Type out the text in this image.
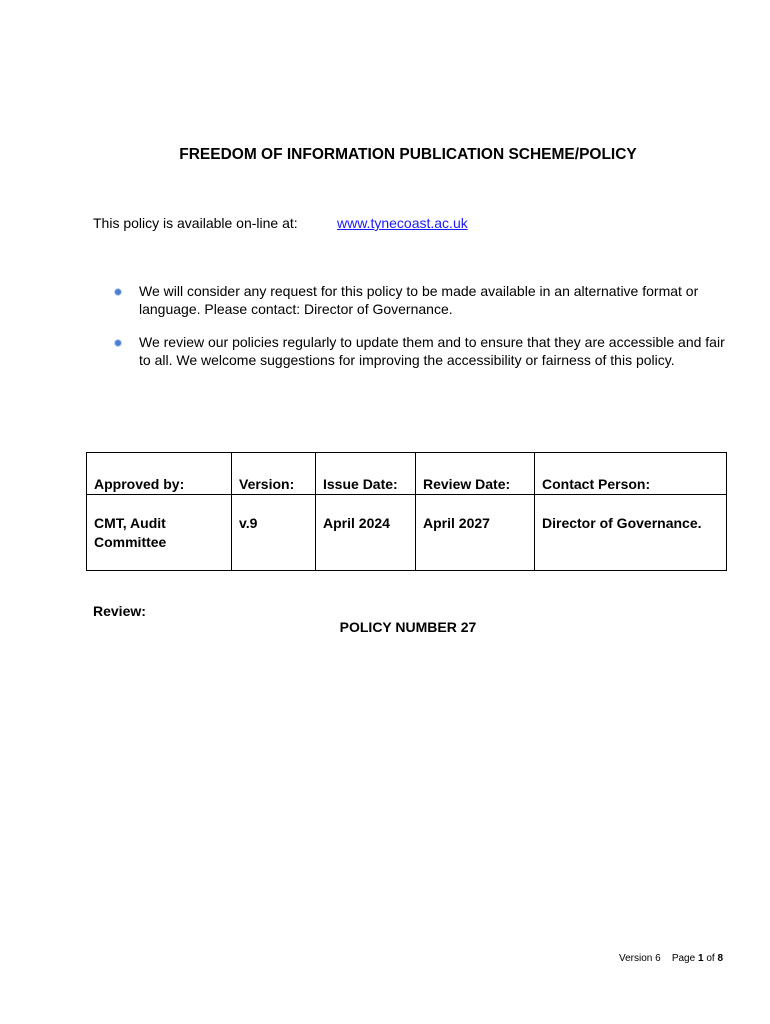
FREEDOM OF INFORMATION PUBLICATION SCHEME/POLICY
This policy is available on-line at:	www.tynecoast.ac.uk
We will consider any request for this policy to be made available in an alternative format or language. Please contact: Director of Governance.
We review our policies regularly to update them and to ensure that they are accessible and fair to all. We welcome suggestions for improving the accessibility or fairness of this policy.
Approved by:	Version:	Issue Date:	Review Date:	Contact Person:
CMT, Audit Committee	v.9	April 2024	April 2027	Director of Governance.
Review:
POLICY NUMBER 27
Version 6 Page 1 of 8
